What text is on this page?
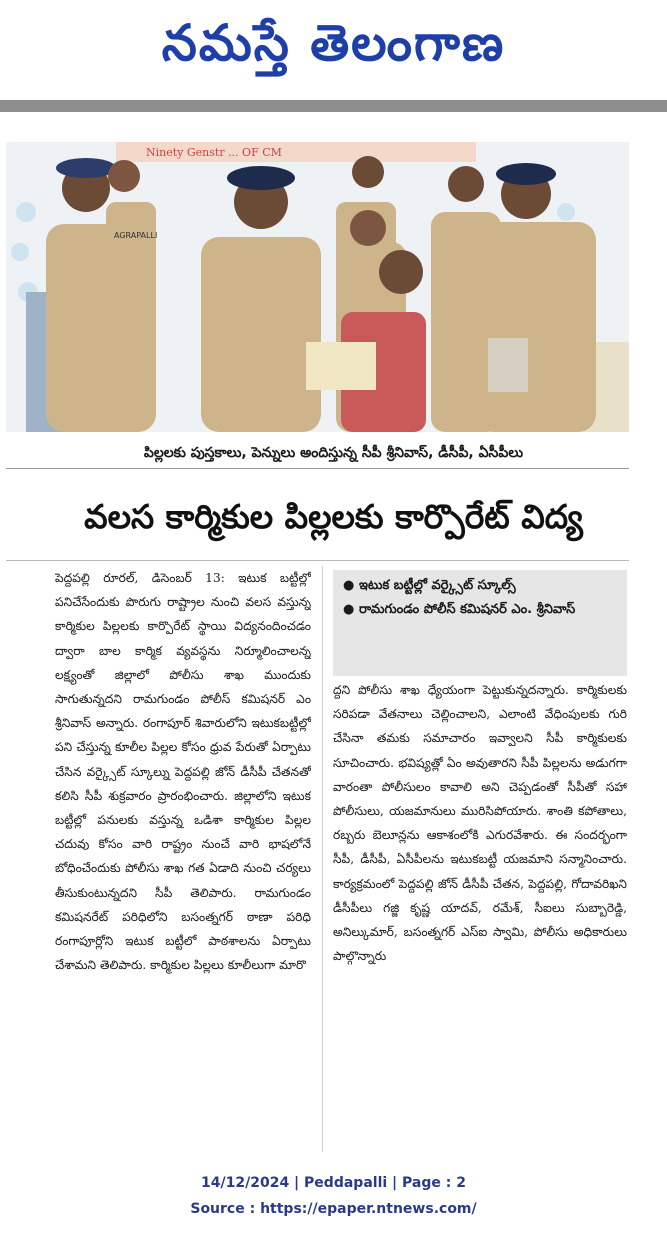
నమస్తే తెలంగాణ
Ninety Genstr ... OF CM
AGRAPALLI
పిల్లలకు పుస్తకాలు, పెన్నులు అందిస్తున్న సీపీ శ్రీనివాస్, డీసీపీ, ఏసీపీలు
వలస కార్మికుల పిల్లలకు కార్పొరేట్ విద్య

పెద్దపల్లి రూరల్, డిసెంబర్ 13: ఇటుక బట్టీల్లో పనిచేసేందుకు పొరుగు రాష్ట్రాల నుంచి వలస వస్తున్న కార్మికుల పిల్లలకు కార్పొరేట్ స్థాయి విద్యనందించడం ద్వారా బాల కార్మిక వ్యవస్థను నిర్మూలించాలన్న లక్ష్యంతో జిల్లాలో పోలీసు శాఖ ముందుకు సాగుతున్నదని రామగుండం పోలీస్ కమిషనర్ ఎం శ్రీనివాస్ అన్నారు. రంగాపూర్ శివారులోని ఇటుకబట్టీల్లో పని చేస్తున్న కూలీల పిల్లల కోసం ధ్రువ పేరుతో ఏర్పాటు చేసిన వర్క్సైట్ స్కూల్ను పెద్దపల్లి జోన్ డీసీపీ చేతనతో కలిసి సీపీ శుక్రవారం ప్రారంభించారు. జిల్లాలోని ఇటుక బట్టీల్లో పనులకు వస్తున్న ఒడిశా కార్మికుల పిల్లల చదువు కోసం వారి రాష్ట్రం నుంచే వారి భాషలోనే బోధించేందుకు పోలీసు శాఖ గత ఏడాది నుంచి చర్యలు తీసుకుంటున్నదని సీపీ తెలిపారు. రామగుండం కమిషనరేట్ పరిధిలోని బసంత్నగర్ ఠాణా పరిధి రంగాపూర్లోని ఇటుక బట్టీలో పాఠశాలను ఏర్పాటు చేశామని తెలిపారు. కార్మికుల పిల్లలు కూలీలుగా మారొ

● ఇటుక బట్టీల్లో వర్క్సైట్ స్కూల్స్
● రామగుండం పోలీస్ కమిషనర్ ఎం. శ్రీనివాస్

ద్దని పోలీసు శాఖ ధ్యేయంగా పెట్టుకున్నదన్నారు. కార్మికులకు సరిపడా వేతనాలు చెల్లించాలని, ఎలాంటి వేధింపులకు గురి చేసినా తమకు సమాచారం ఇవ్వాలని సీపీ కార్మికులకు సూచించారు. భవిష్యత్లో ఏం అవుతారని సీపీ పిల్లలను అడుగగా వారంతా పోలీసులం కావాలి అని చెప్పడంతో సీపీతో సహా పోలీసులు, యజమానులు మురిసిపోయారు. శాంతి కపోతాలు, రబ్బరు బెలూన్లను ఆకాశంలోకి ఎగురవేశారు. ఈ సందర్భంగా సీపీ, డీసీపీ, ఏసీపీలను ఇటుకబట్టీ యజమాని సన్మానించారు. కార్యక్రమంలో పెద్దపల్లి జోన్ డీసీపీ చేతన, పెద్దపల్లి, గోదావరిఖని డీసీపీలు గజ్జి కృష్ణ యాదవ్, రమేశ్, సీఐలు సుబ్బారెడ్డి, అనిల్కుమార్, బసంత్నగర్ ఎస్ఐ స్వామి, పోలీసు అధికారులు పాల్గొన్నారు

14/12/2024 | Peddapalli | Page : 2
Source : https://epaper.ntnews.com/
